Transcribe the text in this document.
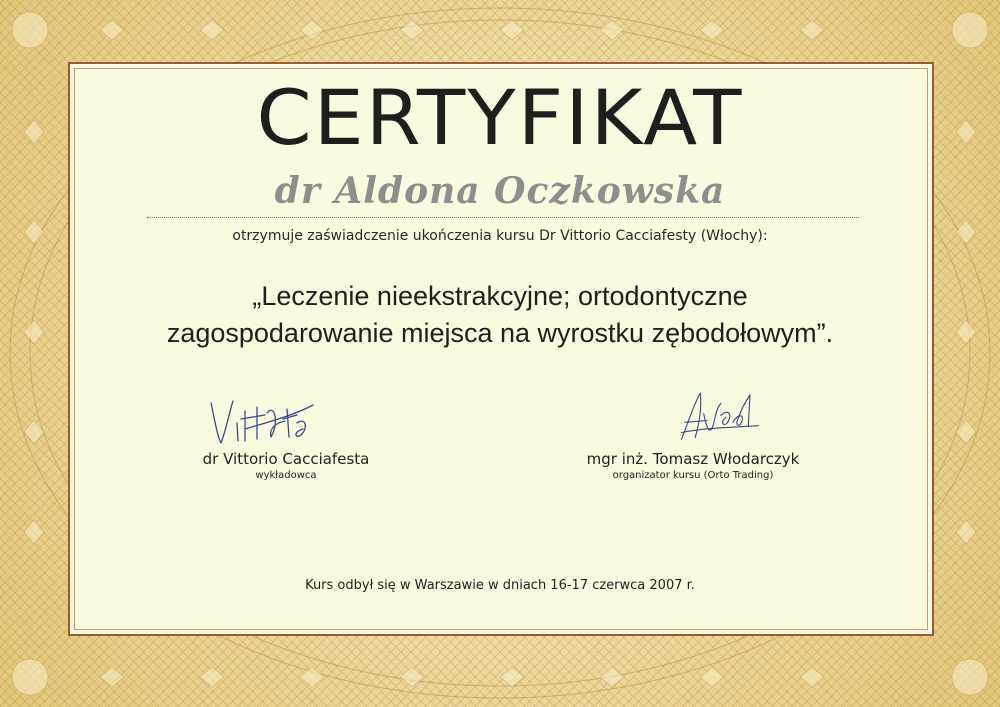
CERTYFIKAT
dr Aldona Oczkowska
otrzymuje zaświadczenie ukończenia kursu Dr Vittorio Cacciafesty (Włochy):
„Leczenie nieekstrakcyjne; ortodontyczne
zagospodarowanie miejsca na wyrostku zębodołowym”.
dr Vittorio Cacciafesta
wykładowca
mgr inż. Tomasz Włodarczyk
organizator kursu (Orto Trading)
Kurs odbył się w Warszawie w dniach 16-17 czerwca 2007 r.
